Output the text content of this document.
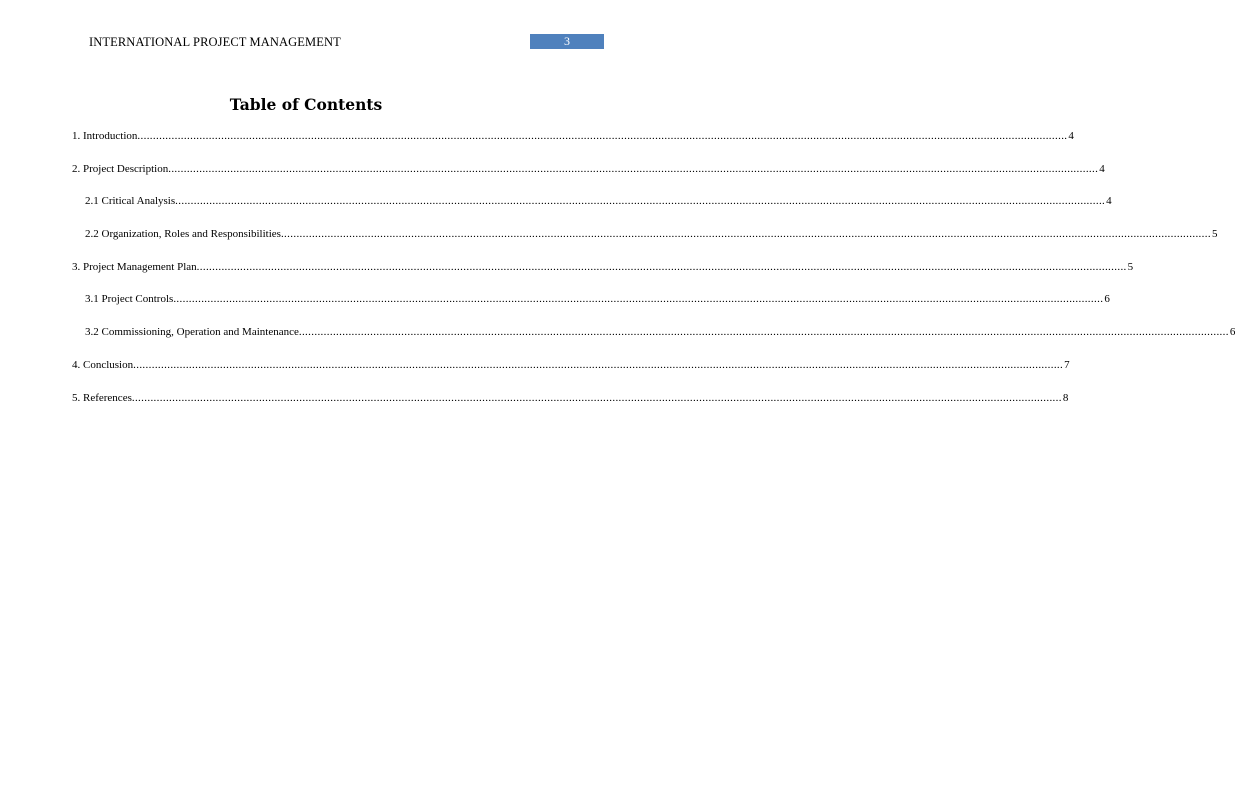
INTERNATIONAL PROJECT MANAGEMENT	3
Table of Contents
1. Introduction ............................................................................................................................................................................................................................................................................................................ 4
2. Project Description ............................................................................................................................................................................................................................................................................................................ 4
2.1 Critical Analysis ............................................................................................................................................................................................................................................................................................................ 4
2.2 Organization, Roles and Responsibilities ............................................................................................................................................................................................................................................................................................................ 5
3. Project Management Plan ............................................................................................................................................................................................................................................................................................................ 5
3.1 Project Controls ............................................................................................................................................................................................................................................................................................................ 6
3.2 Commissioning, Operation and Maintenance ............................................................................................................................................................................................................................................................................................................ 6
4. Conclusion ............................................................................................................................................................................................................................................................................................................ 7
5. References ............................................................................................................................................................................................................................................................................................................ 8
